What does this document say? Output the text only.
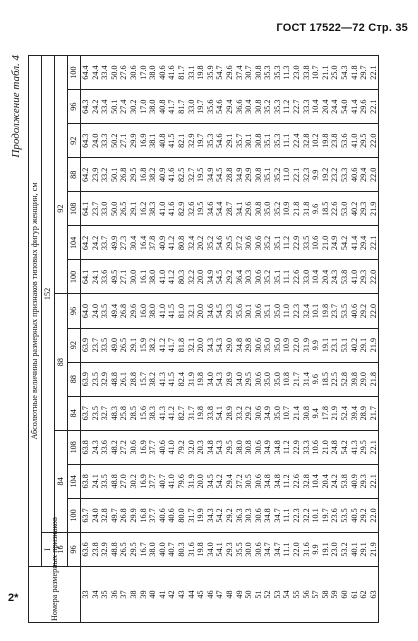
ГОСТ 17522—72 Стр. 35
Продолжение табл. 4
Номера размерных признаков	Абсолютные величины размерных признаков типовых фигур женщин, см														
	I	152													
	16	84			88				92						
	96	100	104	108	84	88	92	96	100	104	108	88	92	96	100
33	63.6	63.7	63.8	63.8	63.7	63.9	63.9	64.0	64.1	64.2	64.1	64.2	64.3	64.3	64.4
34	23.8	24.0	24.1	24.3	23.5	23.5	23.7	24.0	24.1	24.2	23.7	23.9	24.0	24.2	24.4
35	32.9	32.8	33.5	33.6	32.7	32.9	33.5	33.5	33.6	33.7	33.0	33.2	33.3	33.4	33.4
36	48.8	49.7	48.8	48.2	48.3	48.8	49.0	49.4	49.5	49.9	50.0	50.1	50.2	50.1	50.0
37	26.5	26.8	27.0	27.2	25.8	26.1	26.5	26.8	27.1	27.3	26.5	26.8	27.1	27.4	27.6
38	29.5	29.9	30.2	30.6	28.5	28.8	29.1	29.6	30.0	30.4	29.1	29.5	29.9	30.2	30.6
39	16.7	16.8	16.9	16.9	15.6	15.7	15.9	16.0	16.1	16.4	16.2	16.8	16.9	17.0	17.0
40	38.0	37.7	37.7	37.7	38.3	38.2	38.2	38.0	38.0	37.8	38.3	38.2	38.1	38.0	38.0
41	40.0	40.6	40.7	40.6	41.3	41.3	41.2	41.0	41.0	40.9	41.0	40.9	40.8	40.8	40.6
42	40.7	40.6	41.0	41.0	41.2	41.5	41.7	41.5	41.2	41.2	41.6	41.6	41.5	41.7	41.6
43	80.3	80.0	79.6	79.2	82.7	82.4	81.8	81.0	80.3	80.8	82.9	82.5	82.1	81.7	81.7
44	31.6	31.7	31.9	32.0	31.7	31.9	32.1	32.1	32.2	32.4	32.6	32.7	32.9	33.0	33.1
45	19.8	19.9	20.0	20.3	19.8	19.8	20.0	20.0	20.0	20.2	19.5	19.5	19.7	19.7	19.8
46	34.0	34.3	34.5	34.8	33.8	34.0	34.3	34.6	34.9	35.2	34.6	34.9	35.3	35.6	35.9
47	54.1	54.2	54.2	54.3	54.1	54.3	54.3	54.5	54.5	54.6	54.4	54.5	54.6	54.6	54.7
48	29.3	29.2	29.4	29.5	28.9	28.9	29.0	29.3	29.2	29.5	28.7	28.8	29.1	29.4	29.6
49	35.5	36.3	37.2	38.0	33.2	34.0	34.8	35.6	36.4	37.2	34.1	34.9	35.7	36.6	37.4
50	30.0	30.3	30.5	30.8	29.2	29.5	29.8	30.1	30.3	30.6	29.6	29.9	30.1	30.4	30.7
51	30.6	30.6	30.6	30.6	30.6	30.6	30.6	30.6	30.6	30.6	30.8	30.8	30.8	30.8	30.8
52	34.7	34.8	34.8	34.9	34.9	35.0	35.0	35.1	35.2	35.2	35.0	35.1	35.1	35.2	35.3
53	34.7	34.7	34.8	34.8	35.0	35.0	35.0	35.0	35.1	35.1	35.2	35.2	35.3	35.3	35.3
54	11.1	11.1	11.2	11.2	10.7	10.8	10.9	11.0	11.1	11.2	10.9	11.0	11.1	11.2	11.3
55	22.0	22.3	22.6	22.9	21.4	21.7	22.0	22.3	22.6	22.9	21.8	22.1	22.4	22.7	23.0
56	31.6	32.2	32.8	33.3	30.8	31.4	31.9	32.4	33.0	33.5	31.8	32.3	32.8	33.3	33.8
57	9.9	10.1	10.4	10.6	9.4	9.6	9.9	10.1	10.4	10.6	9.6	9.9	10.2	10.4	10.7
58	19.1	19.7	20.4	21.0	17.8	18.5	19.1	19.8	20.4	21.0	18.5	19.2	19.8	20.4	21.1
59	23.0	23.6	24.2	24.8	21.9	22.5	23.1	23.7	24.3	24.9	22.6	23.2	23.8	24.4	25.0
60	53.2	53.5	53.8	54.2	52.4	52.8	53.1	53.5	53.8	54.2	53.0	53.3	53.6	54.0	54.3
61	40.1	40.5	40.9	41.3	39.4	39.8	40.2	40.6	41.0	41.4	40.2	40.6	41.0	41.4	41.8
62	29.1	29.2	29.3	29.5	28.9	29.0	29.1	29.2	29.3	29.4	29.3	29.4	29.5	29.6	29.7
63	21.9	22.0	22.1	22.1	21.7	21.8	21.9	22.0	22.0	22.1	21.9	22.0	22.0	22.1	22.1
2*
